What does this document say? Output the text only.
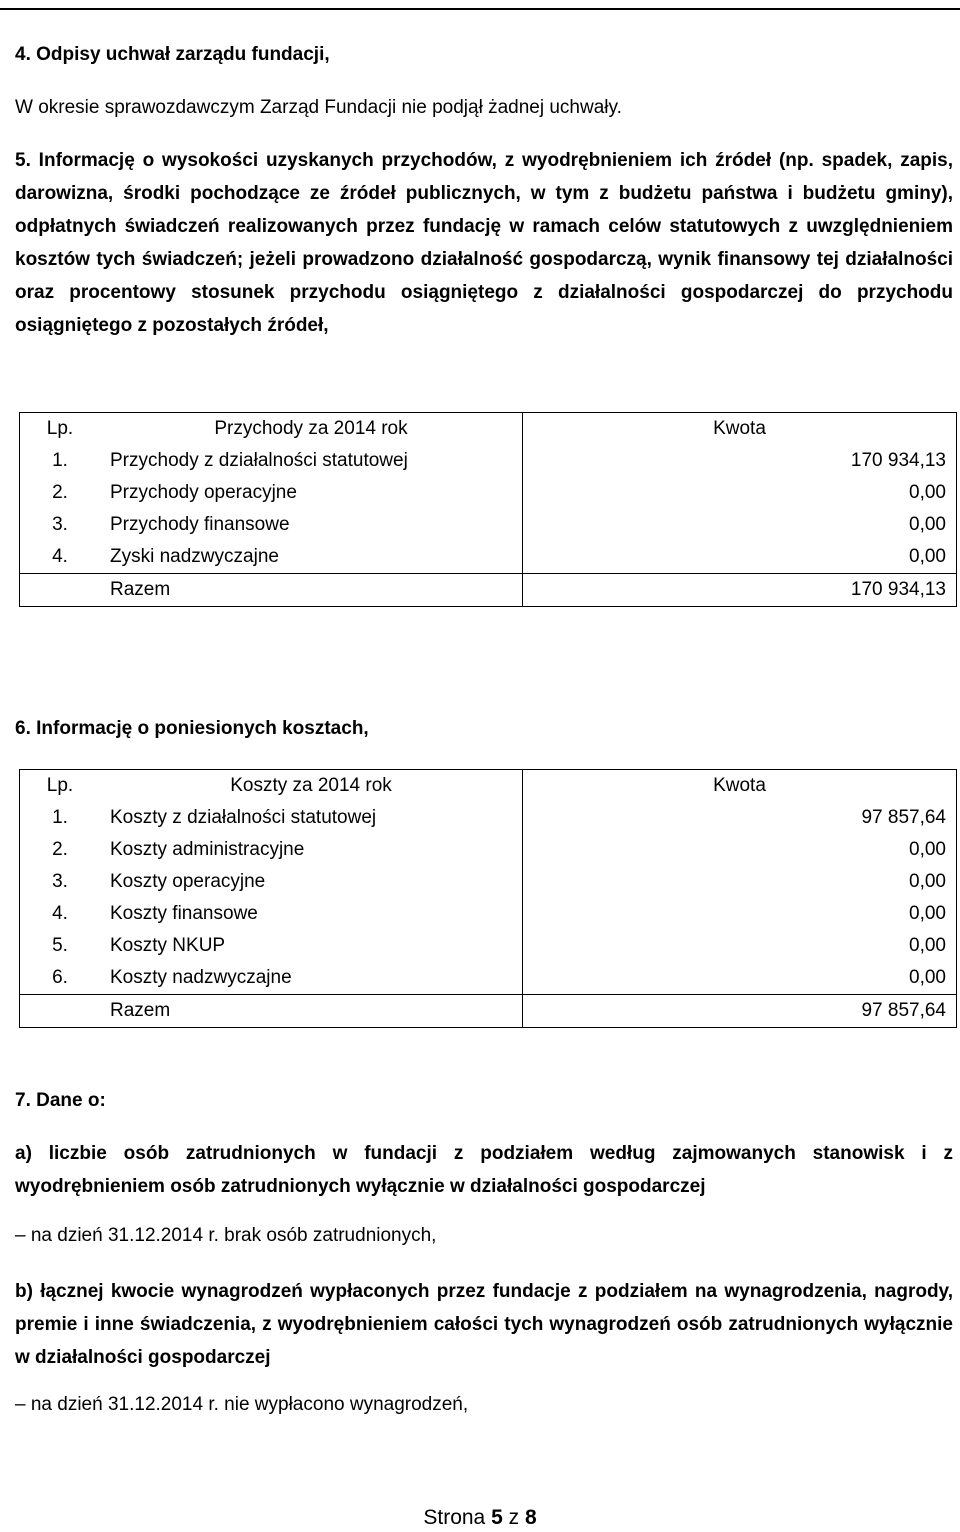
4. Odpisy uchwał zarządu fundacji,
W okresie sprawozdawczym Zarząd Fundacji nie podjął żadnej uchwały.
5. Informację o wysokości uzyskanych przychodów, z wyodrębnieniem ich źródeł (np. spadek, zapis, darowizna, środki pochodzące ze źródeł publicznych, w tym z budżetu państwa i budżetu gminy), odpłatnych świadczeń realizowanych przez fundację w ramach celów statutowych z uwzględnieniem kosztów tych świadczeń; jeżeli prowadzono działalność gospodarczą, wynik finansowy tej działalności oraz procentowy stosunek przychodu osiągniętego z działalności gospodarczej do przychodu osiągniętego z pozostałych źródeł,
Lp.	Przychody za 2014 rok	Kwota
1.	Przychody z działalności statutowej	170 934,13
2.	Przychody operacyjne	0,00
3.	Przychody finansowe	0,00
4.	Zyski nadzwyczajne	0,00
	Razem	170 934,13
6. Informację o poniesionych kosztach,
Lp.	Koszty za 2014 rok	Kwota
1.	Koszty z działalności statutowej	97 857,64
2.	Koszty administracyjne	0,00
3.	Koszty operacyjne	0,00
4.	Koszty finansowe	0,00
5.	Koszty NKUP	0,00
6.	Koszty nadzwyczajne	0,00
	Razem	97 857,64
7. Dane o:
a) liczbie osób zatrudnionych w fundacji z podziałem według zajmowanych stanowisk i z wyodrębnieniem osób zatrudnionych wyłącznie w działalności gospodarczej
– na dzień 31.12.2014 r. brak osób zatrudnionych,
b) łącznej kwocie wynagrodzeń wypłaconych przez fundacje z podziałem na wynagrodzenia, nagrody, premie i inne świadczenia, z wyodrębnieniem całości tych wynagrodzeń osób zatrudnionych wyłącznie w działalności gospodarczej
– na dzień 31.12.2014 r. nie wypłacono wynagrodzeń,
Strona 5 z 8
